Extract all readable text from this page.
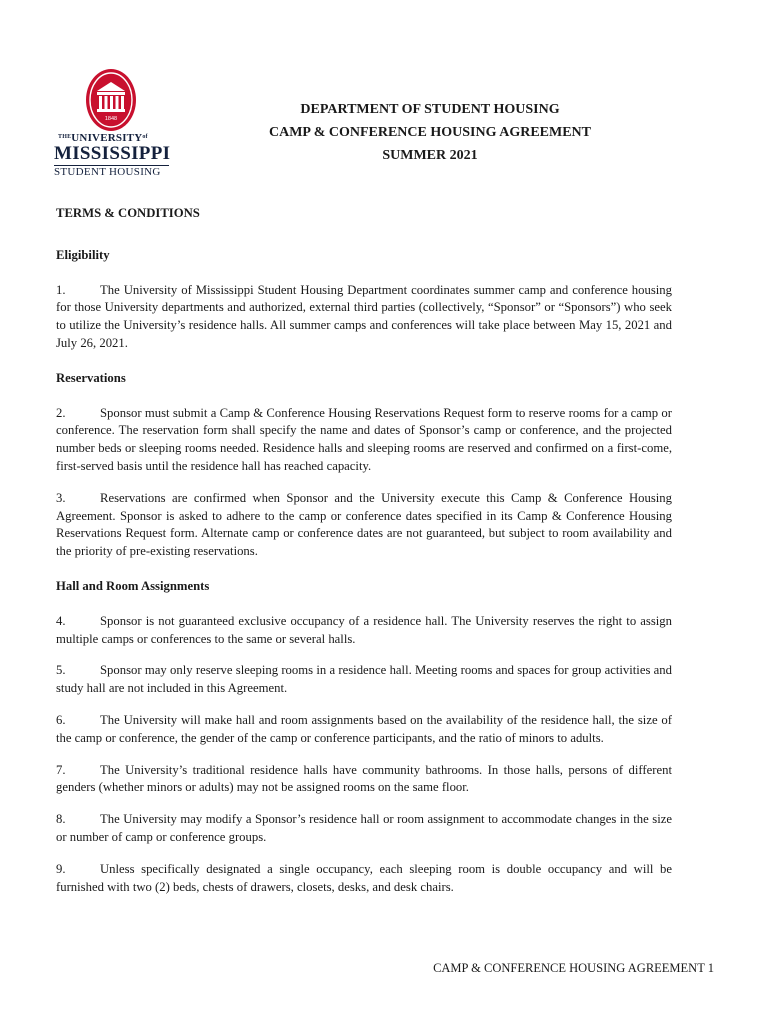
1848
$^{THE}UNIVERSITY^{of}$
MISSISSIPPI
STUDENT HOUSING
DEPARTMENT OF STUDENT HOUSING
CAMP & CONFERENCE HOUSING AGREEMENT
SUMMER 2021
TERMS & CONDITIONS
Eligibility

1.	The University of Mississippi Student Housing Department coordinates summer camp and conference housing for those University departments and authorized, external third parties (collectively, “Sponsor” or “Sponsors”) who seek to utilize the University’s residence halls. All summer camps and conferences will take place between May 15, 2021 and July 26, 2021.

Reservations

2.	Sponsor must submit a Camp & Conference Housing Reservations Request form to reserve rooms for a camp or conference. The reservation form shall specify the name and dates of Sponsor’s camp or conference, and the projected number beds or sleeping rooms needed. Residence halls and sleeping rooms are reserved and confirmed on a first-come, first-served basis until the residence hall has reached capacity.

3.	Reservations are confirmed when Sponsor and the University execute this Camp & Conference Housing Agreement. Sponsor is asked to adhere to the camp or conference dates specified in its Camp & Conference Housing Reservations Request form. Alternate camp or conference dates are not guaranteed, but subject to room availability and the priority of pre-existing reservations.

Hall and Room Assignments

4.	Sponsor is not guaranteed exclusive occupancy of a residence hall. The University reserves the right to assign multiple camps or conferences to the same or several halls.

5.	Sponsor may only reserve sleeping rooms in a residence hall. Meeting rooms and spaces for group activities and study hall are not included in this Agreement.

6.	The University will make hall and room assignments based on the availability of the residence hall, the size of the camp or conference, the gender of the camp or conference participants, and the ratio of minors to adults.

7.	The University’s traditional residence halls have community bathrooms. In those halls, persons of different genders (whether minors or adults) may not be assigned rooms on the same floor.

8.	The University may modify a Sponsor’s residence hall or room assignment to accommodate changes in the size or number of camp or conference groups.

9.	Unless specifically designated a single occupancy, each sleeping room is double occupancy and will be furnished with two (2) beds, chests of drawers, closets, desks, and desk chairs.

CAMP & CONFERENCE HOUSING AGREEMENT 1
